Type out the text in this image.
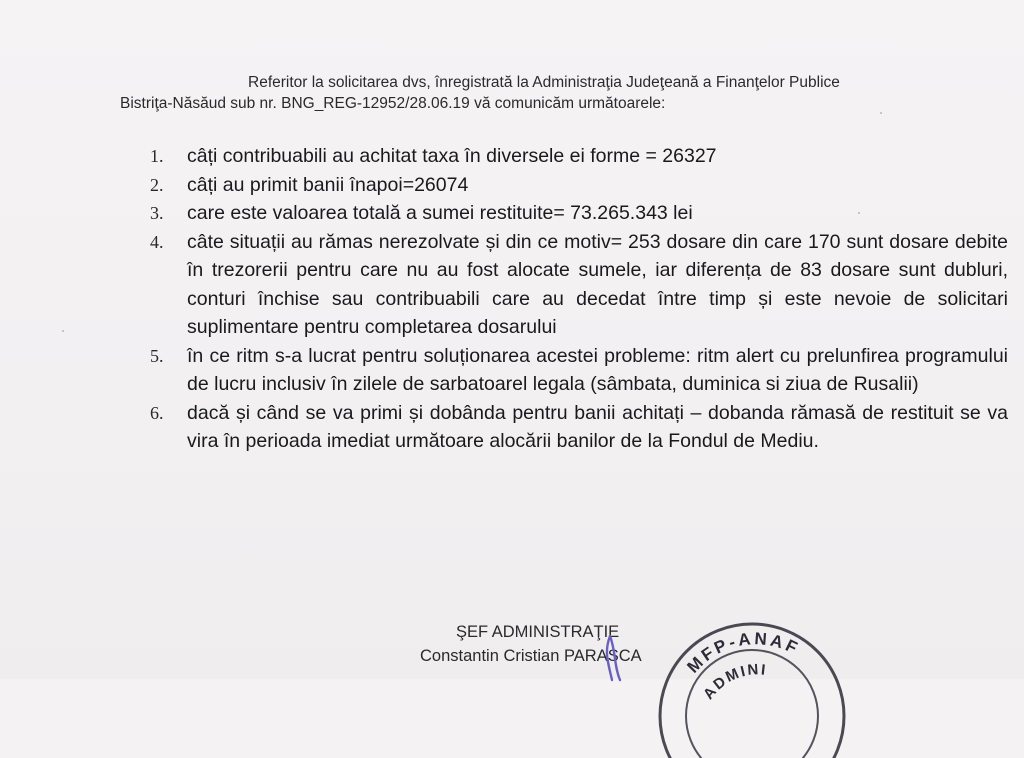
Referitor la solicitarea dvs, înregistrată la Administraţia Judeţeană a Finanţelor Publice
Bistriţa-Năsăud sub nr. BNG_REG-12952/28.06.19 vă comunicăm următoarele:
1. câți contribuabili au achitat taxa în diversele ei forme = 26327
2. câți au primit banii înapoi=26074
3. care este valoarea totală a sumei restituite= 73.265.343 lei
4. câte situații au rămas nerezolvate și din ce motiv= 253 dosare din care 170 sunt dosare debite în trezorerii pentru care nu au fost alocate sumele, iar diferența de 83 dosare sunt dubluri, conturi închise sau contribuabili care au decedat între timp și este nevoie de solicitari suplimentare pentru completarea dosarului
5. în ce ritm s-a lucrat pentru soluționarea acestei probleme: ritm alert cu prelunfirea programului de lucru inclusiv în zilele de sarbatoarel legala (sâmbata, duminica si ziua de Rusalii)
6. dacă și când se va primi și dobânda pentru banii achitați – dobanda rămasă de restituit se va vira în perioada imediat următoare alocării banilor de la Fondul de Mediu.
MFP-ANAF
ADMINI
ŞEF ADMINISTRAŢIE
Constantin Cristian PARASCA
